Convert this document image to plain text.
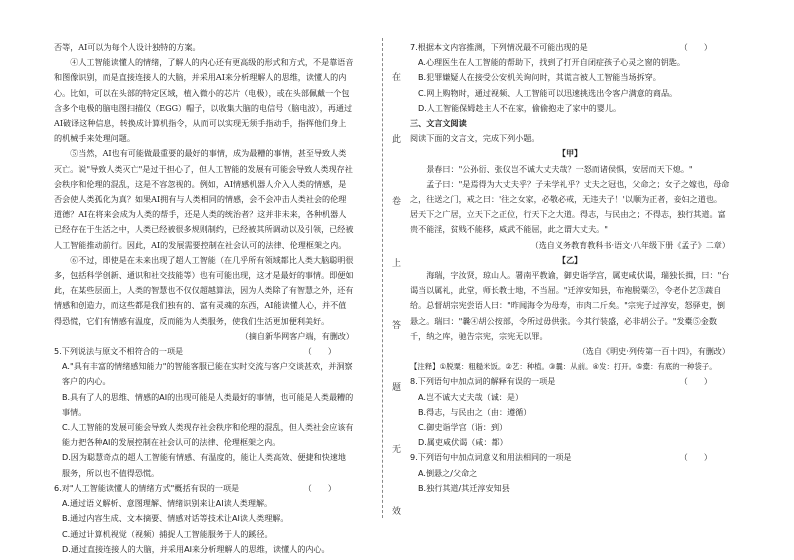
在
此
卷
上
答
题
无
效

否等，AI可以为每个人设计独特的方案。

④人工智能读懂人的情绪，了解人的内心还有更高级的形式和方式，不是靠语音和图像识别，而是直接连接人的大脑，并采用AI来分析理解人的思维，读懂人的内心。比如，可以在头部的特定区域，植入微小的芯片（电极），或在头部佩戴一个包含多个电极的脑电图扫描仪（EGG）帽子，以收集大脑的电信号（脑电波），再通过AI破译这种信息，转换成计算机指令，从而可以实现无须手指动手，指挥他们身上的机械手来处理问题。

⑤当然，AI也有可能做最重要的最好的事情，成为最糟的事情，甚至导致人类灭亡。说"导致人类灭亡"是过于担心了，但人工智能的发展有可能会导致人类现存社会秩序和伦理的混乱，这是不容忽视的。例如，AI情感机器人介入人类的情感，是否会使人类孤化为真？如果AI拥有与人类相同的情感，会不会冲击人类社会的伦理道德？AI在将来会成为人类的帮手，还是人类的统治者？这并非未来，各种机器人已经存在于生活之中，人类已经被很多规则制约，已经被其所调动以及引领，已经被人工智能推动前行。因此，AI的发展需要控制在社会认可的法律、伦理框架之内。

⑥不过，即使是在未来出现了超人工智能（在几乎所有领域都比人类大脑聪明很多，包括科学创新、通识和社交技能等）也有可能出现，这才是最好的事情。即便如此，在某些层面上，人类的智慧也不仅仅超越算法，因为人类除了有智慧之外，还有情感和创造力，而这些都是我们独有的、富有灵魂的东西，AI能读懂人心，并不值得恐慌，它们有情感有温度，反而能为人类服务，使我们生活更加便利美好。

（摘自新华网客户端，有删改）

5.下列说法与原文不相符合的一项是	（　　）

A."具有丰富的情绪感知能力"的智能客服已能在实时交流与客户交谈甚欢，并洞察客户的内心。

B.具有了人的思维、情感的AI的出现可能是人类最好的事情，也可能是人类最糟的事情。

C.人工智能的发展可能会导致人类现存社会秩序和伦理的混乱，但人类社会应该有能力把各种AI的发展控制在社会认可的法律、伦理框架之内。

D.因为聪慧奇点的超人工智能有情感、有温度的，能让人类高效、便捷和快速地服务，所以也不值得恐慌。

6.对"人工智能读懂人的情绪方式"概括有误的一项是	（　　）

A.通过语义解析、意图理解、情绪识别来让AI读人类理解。

B.通过内容生成、文本摘要、情感对话等技术让AI读人类理解。

C.通过计算机视觉（视频）捕捉人工智能服务于人的蹊径。

D.通过直接连接人的大脑，并采用AI来分析理解人的思维，读懂人的内心。

7.根据本文内容推测，下列情况最不可能出现的是	（　　）

A.心理医生在人工智能的帮助下，找到了打开自闭症孩子心灵之窗的钥匙。

B.犯罪嫌疑人在接受公安机关询问时，其谎言被人工智能当场拆穿。

C.网上购物时，通过视频、人工智能可以迅速挑选出令客户满意的商品。

D.人工智能保姆趁主人不在家，偷偷抱走了家中的婴儿。

三、文言文阅读

阅读下面的文言文，完成下列小题。

【甲】

景春曰："公孙衍、张仪岂不诚大丈夫哉？一怒而诸侯惧，安居而天下熄。"

孟子曰："是焉得为大丈夫乎？子未学礼乎？丈夫之冠也，父命之；女子之嫁也，母命之，往送之门，戒之曰：'往之女家，必敬必戒，无违夫子！'以顺为正者，妾妇之道也。居天下之广居，立天下之正位，行天下之大道。得志，与民由之；不得志，独行其道。富贵不能淫，贫贱不能移，威武不能屈，此之谓大丈夫。"

（选自义务教育教科书·语文·八年级下册《孟子》二章）

【乙】

海瑞，字汝贤，琼山人。署南平教谕，御史诣学宫，属吏咸伏谒，瑞独长揖，曰："台谒当以属礼，此堂，师长教士地，不当屈。"迁淳安知县，布袍脱粟②，令老仆艺③蔬自给。总督胡宗宪尝语人曰："昨闻海令为母寿，市肉二斤矣。"宗宪子过淳安，怒驿吏，倒悬之。瑞曰："曩④胡公按部，令所过毋供张。今其行装盛，必非胡公子。"发橐⑤金数千，纳之库，驰告宗宪，宗宪无以罪。

（选自《明史·列传第一百十四》，有删改）

【注释】①脱粟：粗糙米饭。②艺：种植。③曩：从前。④发：打开。⑤橐：有底的一种袋子。

8.下列语句中加点词的解释有误的一项是	（　　）

A.岂不诚大丈夫哉（诚：是）

B.得志，与民由之（由：遵循）

C.御史诣学宫（诣：到）

D.属吏咸伏谒（咸：都）

9.下列语句中加点词意义和用法相同的一项是	（　　）

A.倒悬之/父命之

B.独行其道/其迁淳安知县
